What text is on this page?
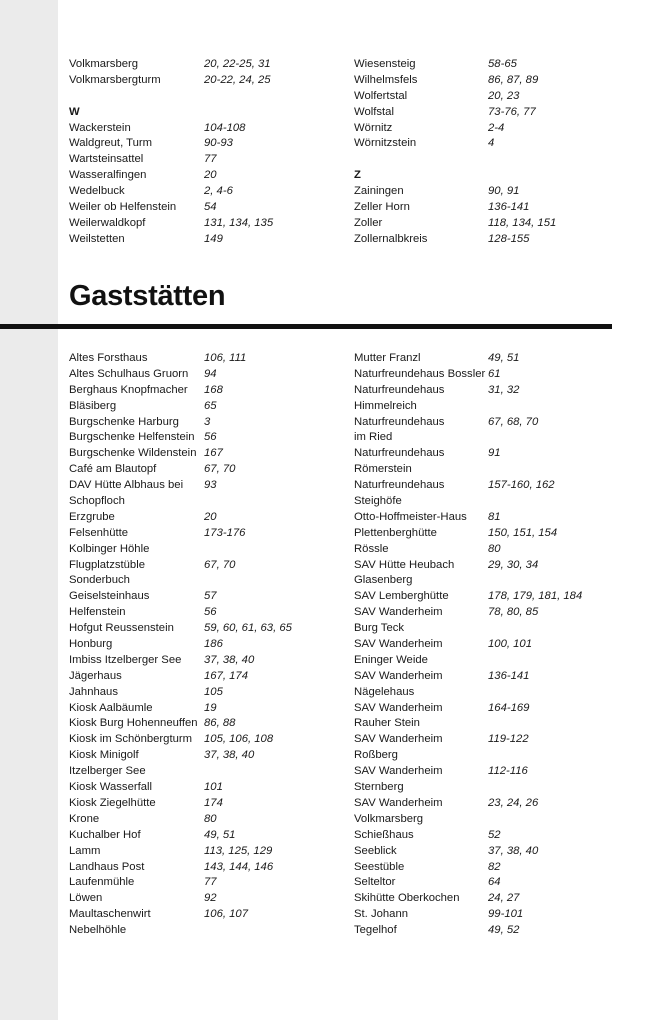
Volkmarsberg	20, 22-25, 31
Volkmarsbergturm	20-22, 24, 25
W
Wackerstein	104-108
Waldgreut, Turm	90-93
Wartsteinsattel	77
Wasseralfingen	20
Wedelbuck	2, 4-6
Weiler ob Helfenstein 54
Weilerwaldkopf	131, 134, 135
Weilstetten	149
Wiesensteig	58-65
Wilhelmsfels	86, 87, 89
Wolfertstal	20, 23
Wolfstal	73-76, 77
Wörnitz	2-4
Wörnitzstein	4
Z
Zainingen	90, 91
Zeller Horn	136-141
Zoller	118, 134, 151
Zollernalbkreis	128-155
Gaststätten
Altes Forsthaus	106, 111
Altes Schulhaus Gruorn 94
Berghaus Knopfmacher 168
Bläsiberg	65
Burgschenke Harburg 3
Burgschenke Helfenstein 56
Burgschenke Wildenstein 167
Café am Blautopf	67, 70
DAV Hütte Albhaus bei 93
Schopfloch
Erzgrube	20
Felsenhütte	173-176
Kolbinger Höhle
Flugplatzstüble	67, 70
Sonderbuch
Geiselsteinhaus	57
Helfenstein	56
Hofgut Reussenstein	59, 60, 61, 63, 65
Honburg	186
Imbiss Itzelberger See 37, 38, 40
Jägerhaus	167, 174
Jahnhaus	105
Kiosk Aalbäumle	19
Kiosk Burg Hohenneuffen 86, 88
Kiosk im Schönbergturm 105, 106, 108
Kiosk Minigolf	37, 38, 40
Itzelberger See
Kiosk Wasserfall	101
Kiosk Ziegelhütte	174
Krone	80
Kuchalber Hof	49, 51
Lamm	113, 125, 129
Landhaus Post	143, 144, 146
Laufenmühle	77
Löwen	92
Maultaschenwirt	106, 107
Nebelhöhle
Mutter Franzl	49, 51
Naturfreundehaus Bossler 61
Naturfreundehaus	31, 32
Himmelreich
Naturfreundehaus	67, 68, 70
im Ried
Naturfreundehaus	91
Römerstein
Naturfreundehaus	157-160, 162
Steighöfe
Otto-Hoffmeister-Haus 81
Plettenberghütte	150, 151, 154
Rössle	80
SAV Hütte Heubach	29, 30, 34
Glasenberg
SAV Lemberghütte	178, 179, 181, 184
SAV Wanderheim	78, 80, 85
Burg Teck
SAV Wanderheim	100, 101
Eninger Weide
SAV Wanderheim	136-141
Nägelehaus
SAV Wanderheim	164-169
Rauher Stein
SAV Wanderheim	119-122
Roßberg
SAV Wanderheim	112-116
Sternberg
SAV Wanderheim	23, 24, 26
Volkmarsberg
Schießhaus	52
Seeblick	37, 38, 40
Seestüble	82
Selteltor	64
Skihütte Oberkochen	24, 27
St. Johann	99-101
Tegelhof	49, 52
